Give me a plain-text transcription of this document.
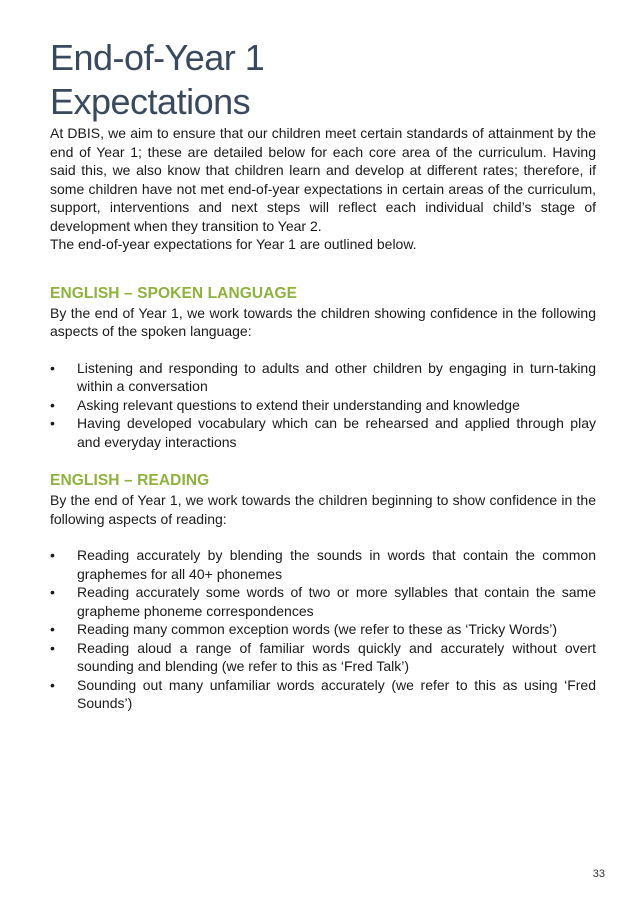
End-of-Year 1
Expectations

At DBIS, we aim to ensure that our children meet certain standards of attainment by the end of Year 1; these are detailed below for each core area of the curriculum. Having said this, we also know that children learn and develop at different rates; therefore, if some children have not met end-of-year expectations in certain areas of the curriculum, support, interventions and next steps will reflect each individual child’s stage of development when they transition to Year 2.

The end-of-year expectations for Year 1 are outlined below.

ENGLISH – SPOKEN LANGUAGE

By the end of Year 1, we work towards the children showing confidence in the following aspects of the spoken language:

• Listening and responding to adults and other children by engaging in turn-taking within a conversation
• Asking relevant questions to extend their understanding and knowledge
• Having developed vocabulary which can be rehearsed and applied through play and everyday interactions
ENGLISH – READING

By the end of Year 1, we work towards the children beginning to show confidence in the following aspects of reading:

• Reading accurately by blending the sounds in words that contain the common graphemes for all 40+ phonemes
• Reading accurately some words of two or more syllables that contain the same grapheme phoneme correspondences
• Reading many common exception words (we refer to these as ‘Tricky Words’)
• Reading aloud a range of familiar words quickly and accurately without overt sounding and blending (we refer to this as ‘Fred Talk’)
• Sounding out many unfamiliar words accurately (we refer to this as using ‘Fred Sounds’)
33
